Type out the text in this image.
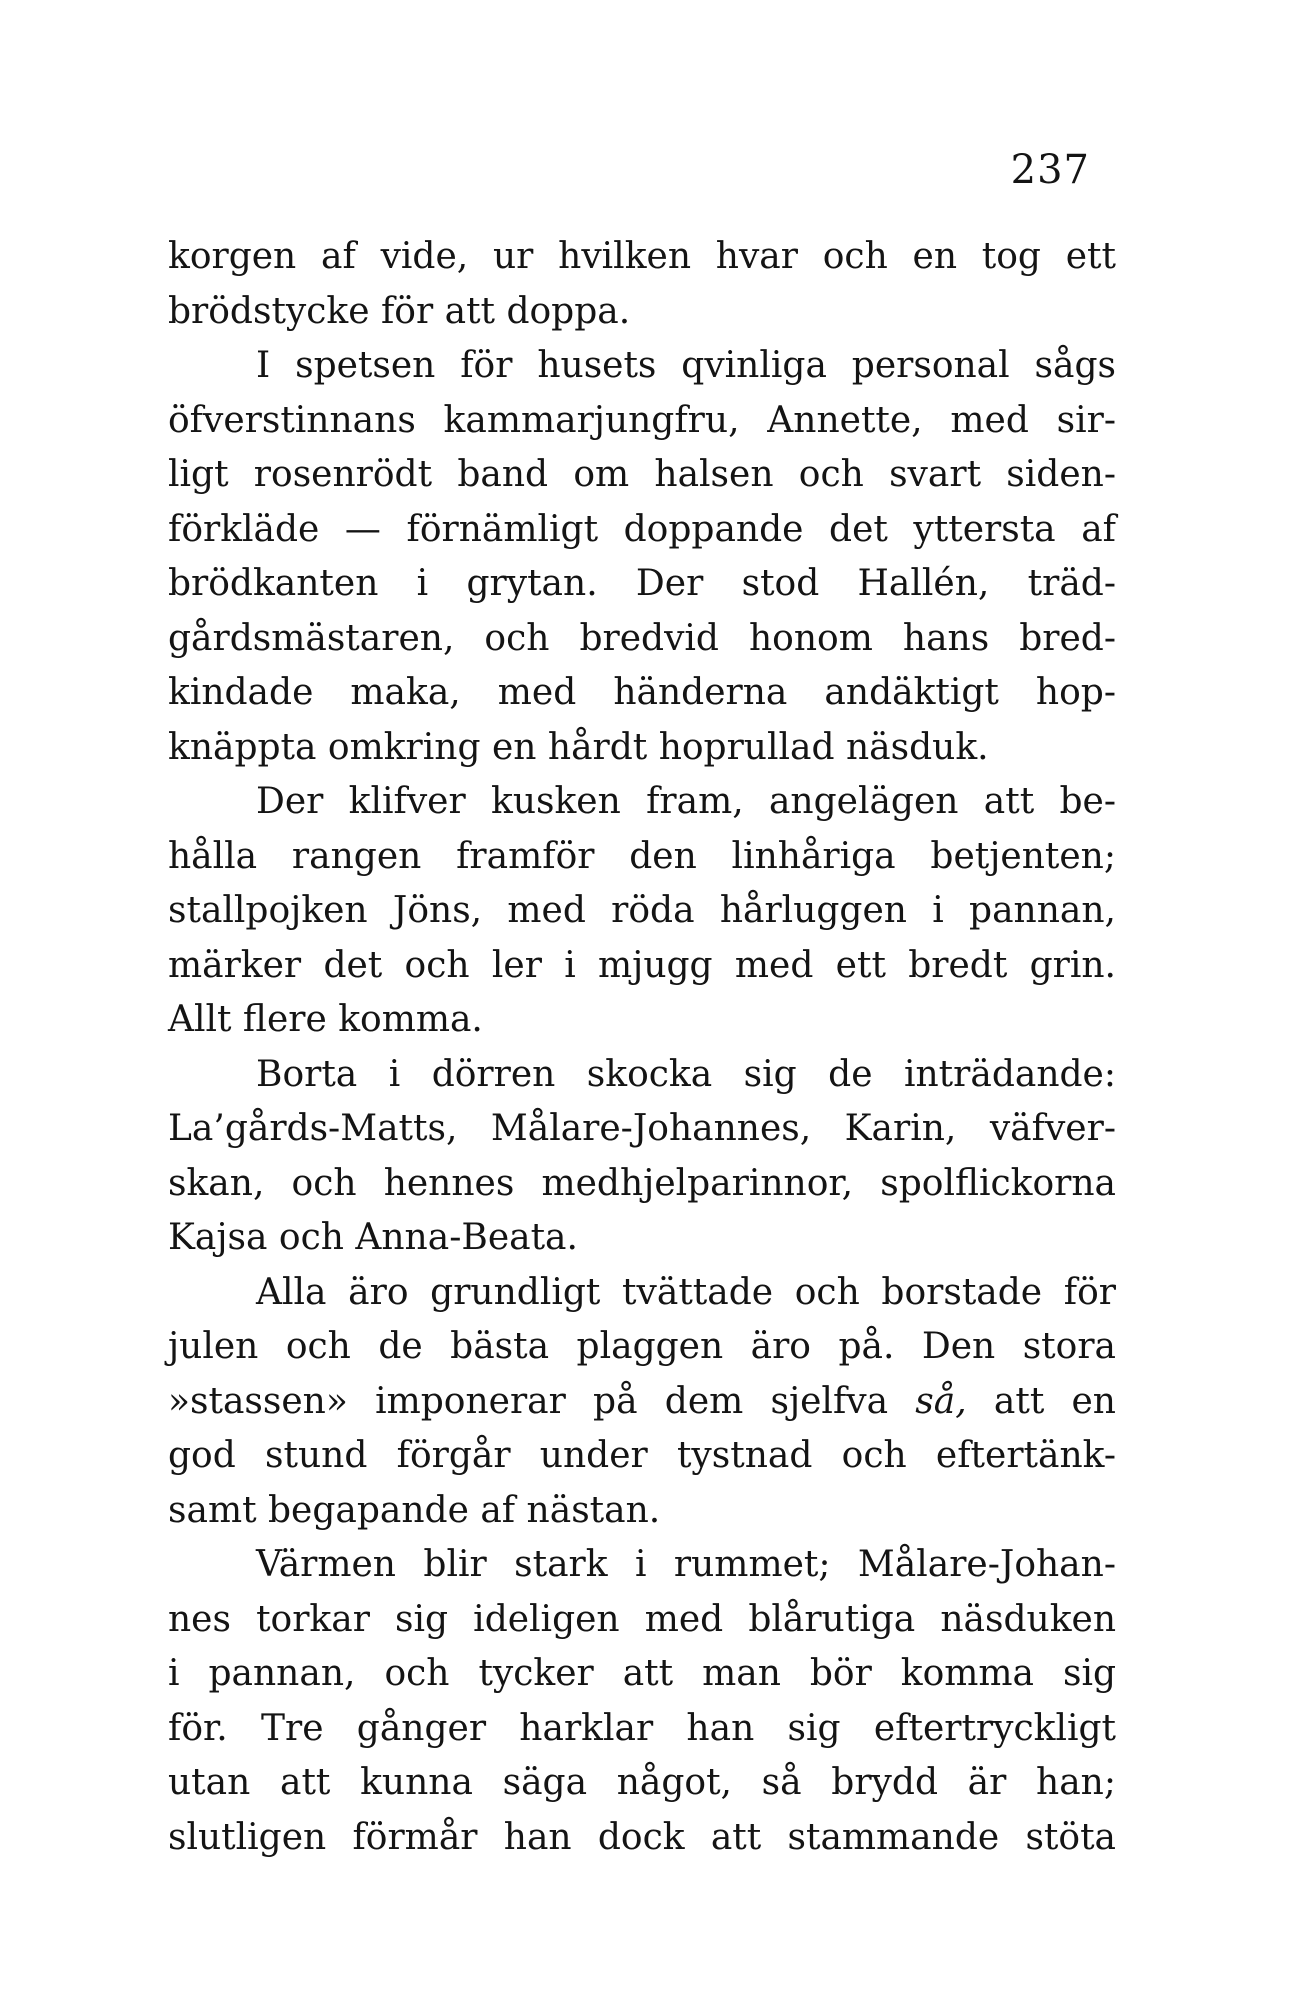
237
korgen af vide, ur hvilken hvar och en tog ett
brödstycke för att doppa.
I spetsen för husets qvinliga personal sågs
öfverstinnans kammarjungfru, Annette, med sir-
ligt rosenrödt band om halsen och svart siden-
förkläde — förnämligt doppande det yttersta af
brödkanten i grytan. Der stod Hallén, träd-
gårdsmästaren, och bredvid honom hans bred-
kindade maka, med händerna andäktigt hop-
knäppta omkring en hårdt hoprullad näsduk.
Der klifver kusken fram, angelägen att be-
hålla rangen framför den linhåriga betjenten;
stallpojken Jöns, med röda hårluggen i pannan,
märker det och ler i mjugg med ett bredt grin.
Allt flere komma.
Borta i dörren skocka sig de inträdande:
La’gårds-Matts, Målare-Johannes, Karin, väfver-
skan, och hennes medhjelparinnor, spolflickorna
Kajsa och Anna-Beata.
Alla äro grundligt tvättade och borstade för
julen och de bästa plaggen äro på. Den stora
»stassen» imponerar på dem sjelfva så, att en
god stund förgår under tystnad och eftertänk-
samt begapande af nästan.
Värmen blir stark i rummet; Målare-Johan-
nes torkar sig ideligen med blårutiga näsduken
i pannan, och tycker att man bör komma sig
för. Tre gånger harklar han sig eftertryckligt
utan att kunna säga något, så brydd är han;
slutligen förmår han dock att stammande stöta
